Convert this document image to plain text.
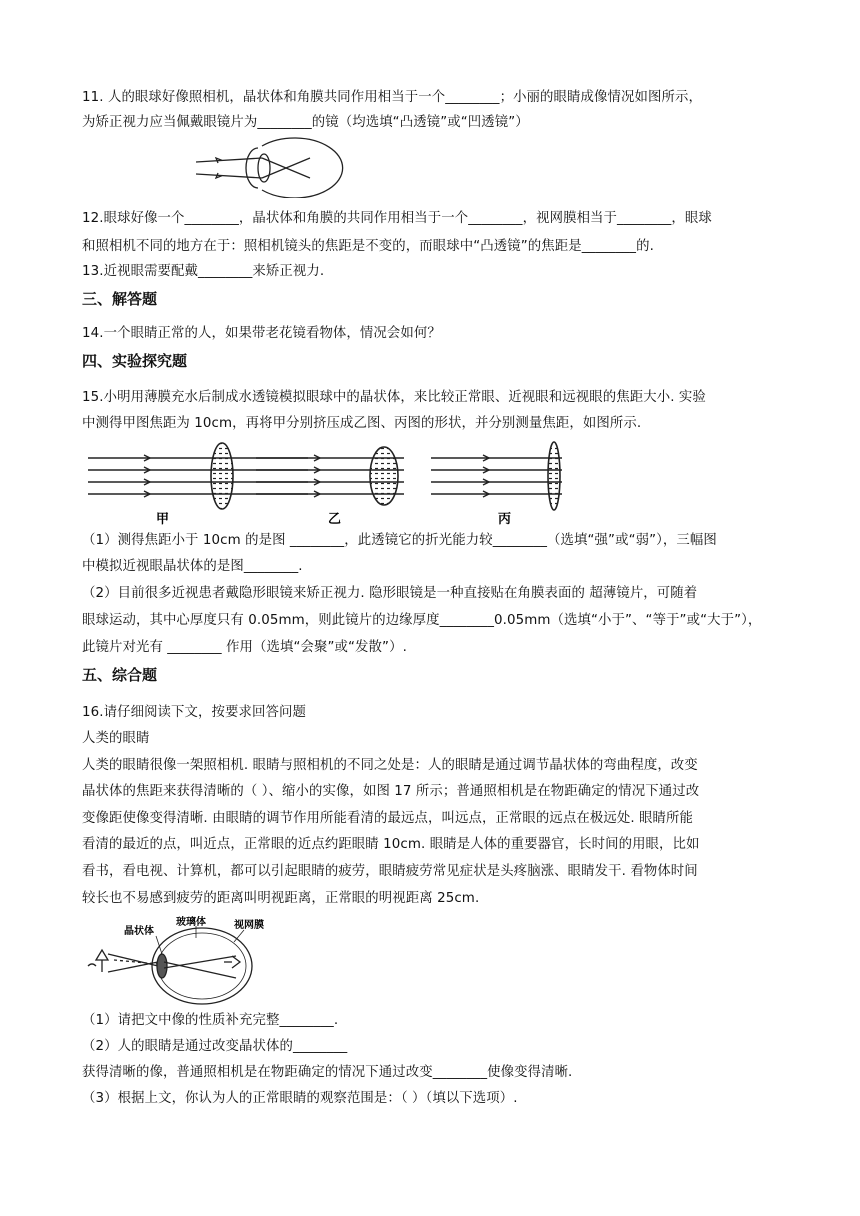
11. 人的眼球好像照相机，晶状体和角膜共同作用相当于一个________；小丽的眼睛成像情况如图所示，
为矫正视力应当佩戴眼镜片为________的镜（均选填“凸透镜”或“凹透镜”）
12.眼球好像一个________，晶状体和角膜的共同作用相当于一个________，视网膜相当于________，眼球
和照相机不同的地方在于：照相机镜头的焦距是不变的，而眼球中“凸透镜”的焦距是________的.
13.近视眼需要配戴________来矫正视力.
三、解答题
14.一个眼睛正常的人，如果带老花镜看物体，情况会如何？
四、实验探究题
15.小明用薄膜充水后制成水透镜模拟眼球中的晶状体，来比较正常眼、近视眼和远视眼的焦距大小. 实验
中测得甲图焦距为 10cm，再将甲分别挤压成乙图、丙图的形状，并分别测量焦距，如图所示.
甲	乙	丙
（1）测得焦距小于 10cm 的是图 ________，此透镜它的折光能力较________（选填“强”或“弱”），三幅图
中模拟近视眼晶状体的是图________.
（2）目前很多近视患者戴隐形眼镜来矫正视力. 隐形眼镜是一种直接贴在角膜表面的 超薄镜片，可随着
眼球运动，其中心厚度只有 0.05mm，则此镜片的边缘厚度________0.05mm（选填“小于”、“等于”或“大于”），
此镜片对光有 ________ 作用（选填“会聚”或“发散”）.
五、综合题
16.请仔细阅读下文，按要求回答问题
人类的眼睛
人类的眼睛很像一架照相机. 眼睛与照相机的不同之处是：人的眼睛是通过调节晶状体的弯曲程度，改变
晶状体的焦距来获得清晰的（ ）、缩小的实像，如图 17 所示；普通照相机是在物距确定的情况下通过改
变像距使像变得清晰. 由眼睛的调节作用所能看清的最远点，叫远点，正常眼的远点在极远处. 眼睛所能
看清的最近的点，叫近点，正常眼的近点约距眼睛 10cm. 眼睛是人体的重要器官，长时间的用眼，比如
看书，看电视、计算机，都可以引起眼睛的疲劳，眼睛疲劳常见症状是头疼脑涨、眼睛发干. 看物体时间
较长也不易感到疲劳的距离叫明视距离，正常眼的明视距离 25cm.
晶状体
玻璃体	视网膜
（1）请把文中像的性质补充完整________.
（2）人的眼睛是通过改变晶状体的________
获得清晰的像，普通照相机是在物距确定的情况下通过改变________使像变得清晰.
（3）根据上文，你认为人的正常眼睛的观察范围是：（ ）（填以下选项）.
